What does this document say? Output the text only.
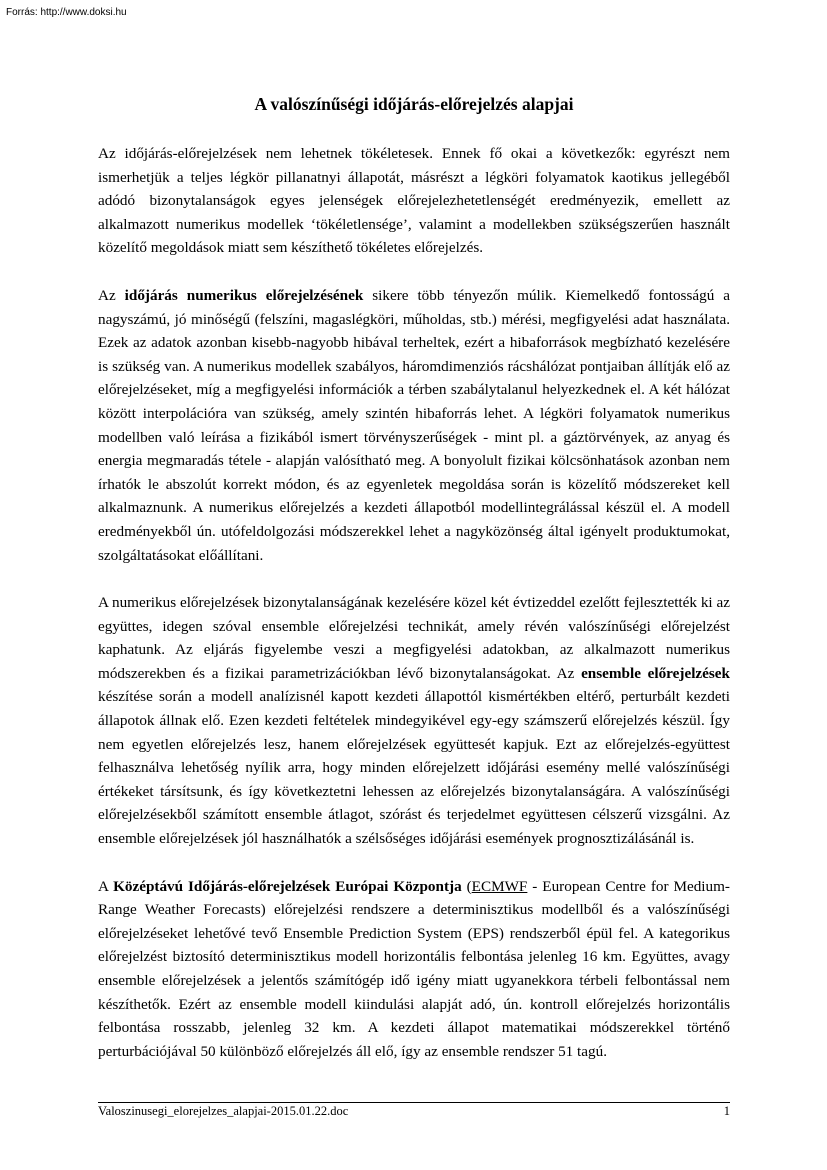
Forrás: http://www.doksi.hu
A valószínűségi időjárás-előrejelzés alapjai

Az időjárás-előrejelzések nem lehetnek tökéletesek. Ennek fő okai a következők: egyrészt nem ismerhetjük a teljes légkör pillanatnyi állapotát, másrészt a légköri folyamatok kaotikus jellegéből adódó bizonytalanságok egyes jelenségek előrejelezhetetlenségét eredményezik, emellett az alkalmazott numerikus modellek ‘tökéletlensége’, valamint a modellekben szükségszerűen használt közelítő megoldások miatt sem készíthető tökéletes előrejelzés.

Az időjárás numerikus előrejelzésének sikere több tényezőn múlik. Kiemelkedő fontosságú a nagyszámú, jó minőségű (felszíni, magaslégköri, műholdas, stb.) mérési, megfigyelési adat használata. Ezek az adatok azonban kisebb-nagyobb hibával terheltek, ezért a hibaforrások megbízható kezelésére is szükség van. A numerikus modellek szabályos, háromdimenziós rácshálózat pontjaiban állítják elő az előrejelzéseket, míg a megfigyelési információk a térben szabálytalanul helyezkednek el. A két hálózat között interpolációra van szükség, amely szintén hibaforrás lehet. A légköri folyamatok numerikus modellben való leírása a fizikából ismert törvényszerűségek - mint pl. a gáztörvények, az anyag és energia megmaradás tétele - alapján valósítható meg. A bonyolult fizikai kölcsönhatások azonban nem írhatók le abszolút korrekt módon, és az egyenletek megoldása során is közelítő módszereket kell alkalmaznunk. A numerikus előrejelzés a kezdeti állapotból modellintegrálással készül el. A modell eredményekből ún. utófeldolgozási módszerekkel lehet a nagyközönség által igényelt produktumokat, szolgáltatásokat előállítani.

A numerikus előrejelzések bizonytalanságának kezelésére közel két évtizeddel ezelőtt fejlesztették ki az együttes, idegen szóval ensemble előrejelzési technikát, amely révén valószínűségi előrejelzést kaphatunk. Az eljárás figyelembe veszi a megfigyelési adatokban, az alkalmazott numerikus módszerekben és a fizikai parametrizációkban lévő bizonytalanságokat. Az ensemble előrejelzések készítése során a modell analízisnél kapott kezdeti állapottól kismértékben eltérő, perturbált kezdeti állapotok állnak elő. Ezen kezdeti feltételek mindegyikével egy-egy számszerű előrejelzés készül. Így nem egyetlen előrejelzés lesz, hanem előrejelzések együttesét kapjuk. Ezt az előrejelzés-együttest felhasználva lehetőség nyílik arra, hogy minden előrejelzett időjárási esemény mellé valószínűségi értékeket társítsunk, és így következtetni lehessen az előrejelzés bizonytalanságára. A valószínűségi előrejelzésekből számított ensemble átlagot, szórást és terjedelmet együttesen célszerű vizsgálni. Az ensemble előrejelzések jól használhatók a szélsőséges időjárási események prognosztizálásánál is.

A Középtávú Időjárás-előrejelzések Európai Központja (ECMWF - European Centre for Medium-Range Weather Forecasts) előrejelzési rendszere a determinisztikus modellből és a valószínűségi előrejelzéseket lehetővé tevő Ensemble Prediction System (EPS) rendszerből épül fel. A kategorikus előrejelzést biztosító determinisztikus modell horizontális felbontása jelenleg 16 km. Együttes, avagy ensemble előrejelzések a jelentős számítógép idő igény miatt ugyanekkora térbeli felbontással nem készíthetők. Ezért az ensemble modell kiindulási alapját adó, ún. kontroll előrejelzés horizontális felbontása rosszabb, jelenleg 32 km. A kezdeti állapot matematikai módszerekkel történő perturbációjával 50 különböző előrejelzés áll elő, így az ensemble rendszer 51 tagú.

Valoszinusegi_elorejelzes_alapjai-2015.01.22.doc	1
